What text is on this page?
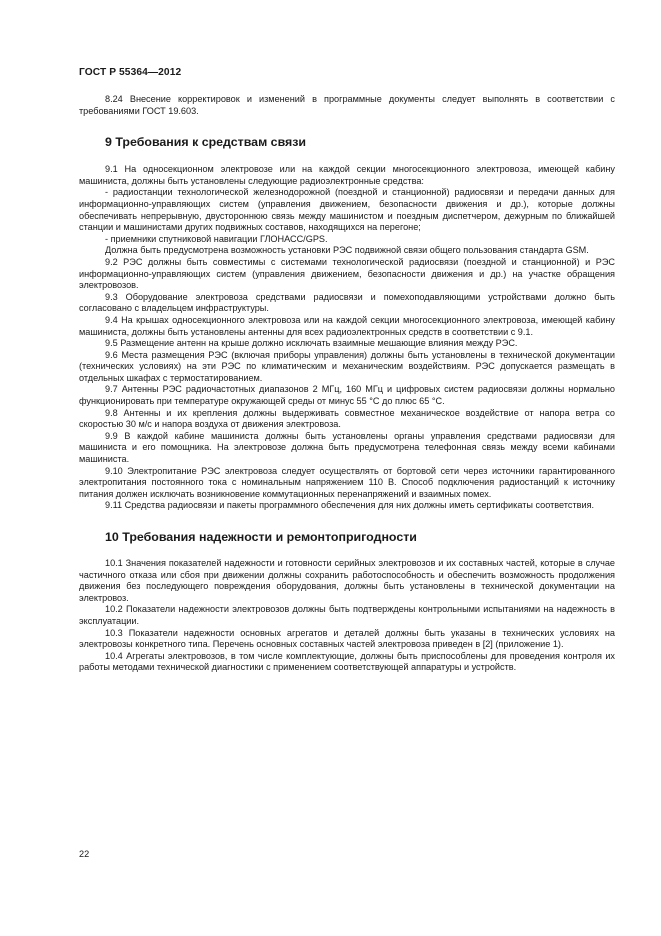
ГОСТ Р 55364—2012

8.24 Внесение корректировок и изменений в программные документы следует выполнять в соответствии с требованиями ГОСТ 19.603.

9 Требования к средствам связи

9.1 На односекционном электровозе или на каждой секции многосекционного электровоза, имеющей кабину машиниста, должны быть установлены следующие радиоэлектронные средства:

- радиостанции технологической железнодорожной (поездной и станционной) радиосвязи и передачи данных для информационно-управляющих систем (управления движением, безопасности движения и др.), которые должны обеспечивать непрерывную, двустороннюю связь между машинистом и поездным диспетчером, дежурным по ближайшей станции и машинистами других подвижных составов, находящихся на перегоне;

- приемники спутниковой навигации ГЛОНАСС/GPS.

Должна быть предусмотрена возможность установки РЭС подвижной связи общего пользования стандарта GSM.

9.2 РЭС должны быть совместимы с системами технологической радиосвязи (поездной и станционной) и РЭС информационно-управляющих систем (управления движением, безопасности движения и др.) на участке обращения электровозов.

9.3 Оборудование электровоза средствами радиосвязи и помехоподавляющими устройствами должно быть согласовано с владельцем инфраструктуры.

9.4 На крышах односекционного электровоза или на каждой секции многосекционного электровоза, имеющей кабину машиниста, должны быть установлены антенны для всех радиоэлектронных средств в соответствии с 9.1.

9.5 Размещение антенн на крыше должно исключать взаимные мешающие влияния между РЭС.

9.6 Места размещения РЭС (включая приборы управления) должны быть установлены в технической документации (технических условиях) на эти РЭС по климатическим и механическим воздействиям. РЭС допускается размещать в отдельных шкафах с термостатированием.

9.7 Антенны РЭС радиочастотных диапазонов 2 МГц, 160 МГц и цифровых систем радиосвязи должны нормально функционировать при температуре окружающей среды от минус 55 °С до плюс 65 °С.

9.8 Антенны и их крепления должны выдерживать совместное механическое воздействие от напора ветра со скоростью 30 м/с и напора воздуха от движения электровоза.

9.9 В каждой кабине машиниста должны быть установлены органы управления средствами радиосвязи для машиниста и его помощника. На электровозе должна быть предусмотрена телефонная связь между всеми кабинами машиниста.

9.10 Электропитание РЭС электровоза следует осуществлять от бортовой сети через источники гарантированного электропитания постоянного тока с номинальным напряжением 110 В. Способ подключения радиостанций к источнику питания должен исключать возникновение коммутационных перенапряжений и взаимных помех.

9.11 Средства радиосвязи и пакеты программного обеспечения для них должны иметь сертификаты соответствия.

10 Требования надежности и ремонтопригодности

10.1 Значения показателей надежности и готовности серийных электровозов и их составных частей, которые в случае частичного отказа или сбоя при движении должны сохранить работоспособность и обеспечить возможность продолжения движения без последующего повреждения оборудования, должны быть установлены в технической документации на электровоз.

10.2 Показатели надежности электровозов должны быть подтверждены контрольными испытаниями на надежность в эксплуатации.

10.3 Показатели надежности основных агрегатов и деталей должны быть указаны в технических условиях на электровозы конкретного типа. Перечень основных составных частей электровоза приведен в [2] (приложение 1).

10.4 Агрегаты электровозов, в том числе комплектующие, должны быть приспособлены для проведения контроля их работы методами технической диагностики с применением соответствующей аппаратуры и устройств.

22
